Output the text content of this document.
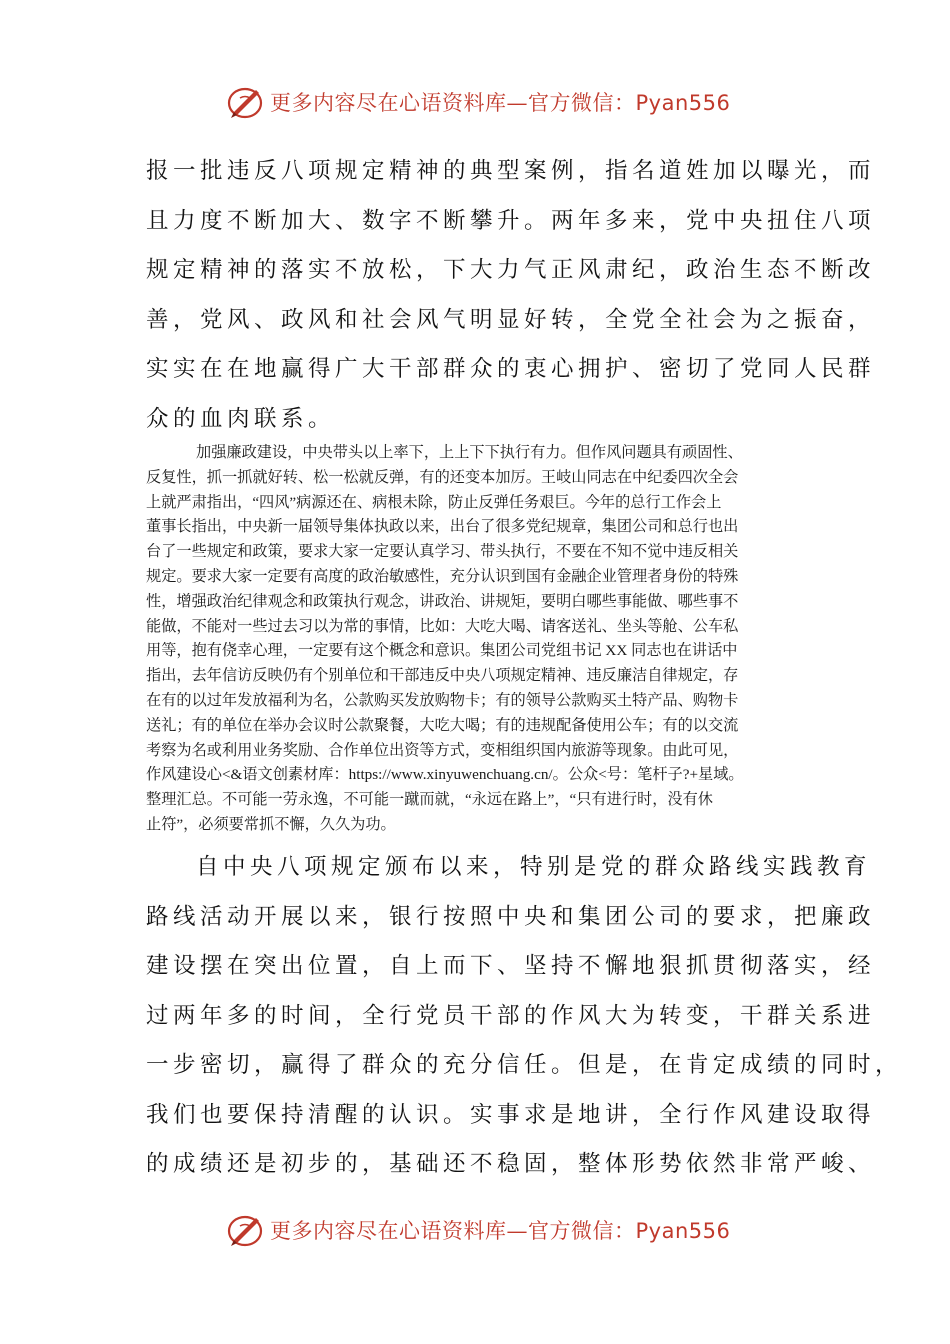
更多内容尽在心语资料库—官方微信：Pyan556
报一批违反八项规定精神的典型案例，指名道姓加以曝光，而
且力度不断加大、数字不断攀升。两年多来，党中央扭住八项
规定精神的落实不放松，下大力气正风肃纪，政治生态不断改
善，党风、政风和社会风气明显好转，全党全社会为之振奋，
实实在在地赢得广大干部群众的衷心拥护、密切了党同人民群
众的血肉联系。
加强廉政建设，中央带头以上率下，上上下下执行有力。但作风问题具有顽固性、
反复性，抓一抓就好转、松一松就反弹，有的还变本加厉。王岐山同志在中纪委四次全会
上就严肃指出，“四风”病源还在、病根未除，防止反弹任务艰巨。今年的总行工作会上
董事长指出，中央新一届领导集体执政以来，出台了很多党纪规章，集团公司和总行也出
台了一些规定和政策，要求大家一定要认真学习、带头执行，不要在不知不觉中违反相关
规定。要求大家一定要有高度的政治敏感性，充分认识到国有金融企业管理者身份的特殊
性，增强政治纪律观念和政策执行观念，讲政治、讲规矩，要明白哪些事能做、哪些事不
能做，不能对一些过去习以为常的事情，比如：大吃大喝、请客送礼、坐头等舱、公车私
用等，抱有侥幸心理，一定要有这个概念和意识。集团公司党组书记 XX 同志也在讲话中
指出，去年信访反映仍有个别单位和干部违反中央八项规定精神、违反廉洁自律规定，存
在有的以过年发放福利为名，公款购买发放购物卡；有的领导公款购买土特产品、购物卡
送礼；有的单位在举办会议时公款聚餐，大吃大喝；有的违规配备使用公车；有的以交流
考察为名或利用业务奖励、合作单位出资等方式，变相组织国内旅游等现象。由此可见，
作风建设心<&语文创素材库：https://www.xinyuwenchuang.cn/。公众<号：笔杆子?+星域。
整理汇总。不可能一劳永逸，不可能一蹴而就，“永远在路上”，“只有进行时，没有休
止符”，必须要常抓不懈，久久为功。
自中央八项规定颁布以来，特别是党的群众路线实践教育
路线活动开展以来，银行按照中央和集团公司的要求，把廉政
建设摆在突出位置，自上而下、坚持不懈地狠抓贯彻落实，经
过两年多的时间，全行党员干部的作风大为转变，干群关系进
一步密切，赢得了群众的充分信任。但是，在肯定成绩的同时，
我们也要保持清醒的认识。实事求是地讲，全行作风建设取得
的成绩还是初步的，基础还不稳固，整体形势依然非常严峻、
更多内容尽在心语资料库—官方微信：Pyan556
